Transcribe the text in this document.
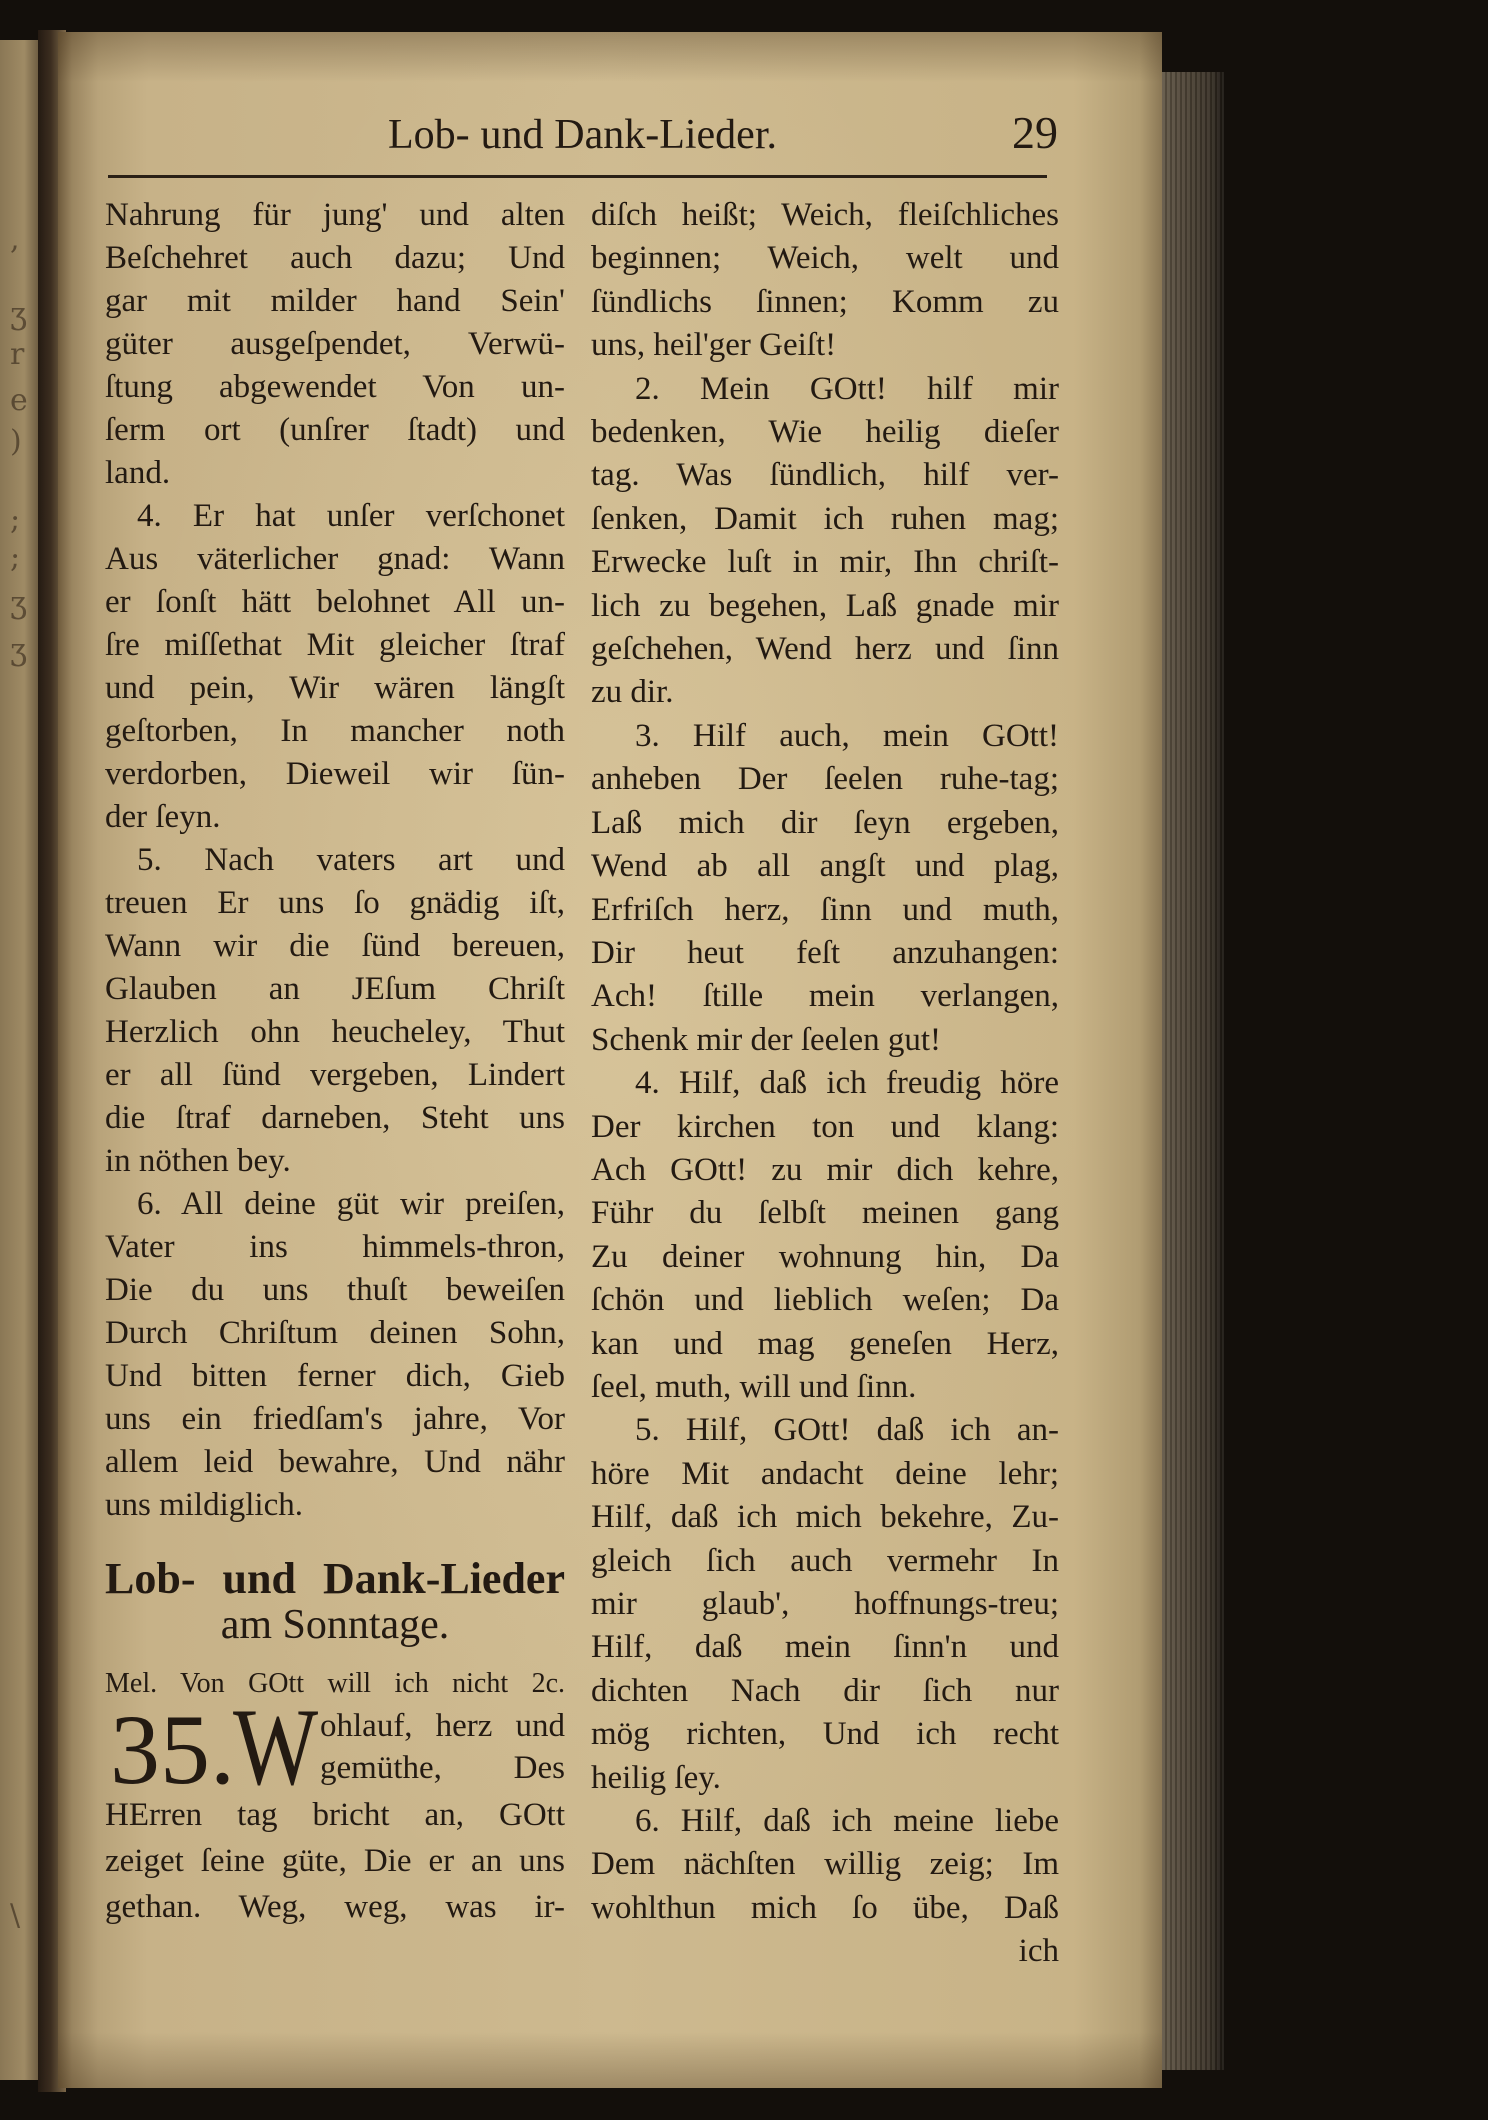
,
ʒ
r
e
)
;
;
ʒ
ʒ
\
Lob- und Dank-Lieder.	29
Nahrung für jung' und alten
Beſchehret auch dazu; Und
gar mit milder hand Sein'
güter ausgeſpendet, Verwü-
ſtung abgewendet Von un-
ſerm ort (unſrer ſtadt) und
land.
4. Er hat unſer verſchonet
Aus väterlicher gnad: Wann
er ſonſt hätt belohnet All un-
ſre miſſethat Mit gleicher ſtraf
und pein, Wir wären längſt
geſtorben, In mancher noth
verdorben, Dieweil wir ſün-
der ſeyn.
5. Nach vaters art und
treuen Er uns ſo gnädig iſt,
Wann wir die ſünd bereuen,
Glauben an JEſum Chriſt
Herzlich ohn heucheley, Thut
er all ſünd vergeben, Lindert
die ſtraf darneben, Steht uns
in nöthen bey.
6. All deine güt wir preiſen,
Vater ins himmels-thron,
Die du uns thuſt beweiſen
Durch Chriſtum deinen Sohn,
Und bitten ferner dich, Gieb
uns ein friedſam's jahre, Vor
allem leid bewahre, Und nähr
uns mildiglich.
Lob- und Dank-Lieder
am Sonntage.
Mel. Von GOtt will ich nicht 2c.
35.
W ohlauf, herz und
gemüthe, Des
HErren tag bricht an, GOtt
zeiget ſeine güte, Die er an uns
gethan. Weg, weg, was ir-
diſch heißt; Weich, fleiſchliches
beginnen; Weich, welt und
ſündlichs ſinnen; Komm zu
uns, heil'ger Geiſt!
2. Mein GOtt! hilf mir
bedenken, Wie heilig dieſer
tag. Was ſündlich, hilf ver-
ſenken, Damit ich ruhen mag;
Erwecke luſt in mir, Ihn chriſt-
lich zu begehen, Laß gnade mir
geſchehen, Wend herz und ſinn
zu dir.
3. Hilf auch, mein GOtt!
anheben Der ſeelen ruhe-tag;
Laß mich dir ſeyn ergeben,
Wend ab all angſt und plag,
Erfriſch herz, ſinn und muth,
Dir heut feſt anzuhangen:
Ach! ſtille mein verlangen,
Schenk mir der ſeelen gut!
4. Hilf, daß ich freudig höre
Der kirchen ton und klang:
Ach GOtt! zu mir dich kehre,
Führ du ſelbſt meinen gang
Zu deiner wohnung hin, Da
ſchön und lieblich weſen; Da
kan und mag geneſen Herz,
ſeel, muth, will und ſinn.
5. Hilf, GOtt! daß ich an-
höre Mit andacht deine lehr;
Hilf, daß ich mich bekehre, Zu-
gleich ſich auch vermehr In
mir glaub', hoffnungs-treu;
Hilf, daß mein ſinn'n und
dichten Nach dir ſich nur
mög richten, Und ich recht
heilig ſey.
6. Hilf, daß ich meine liebe
Dem nächſten willig zeig; Im
wohlthun mich ſo übe, Daß
ich
